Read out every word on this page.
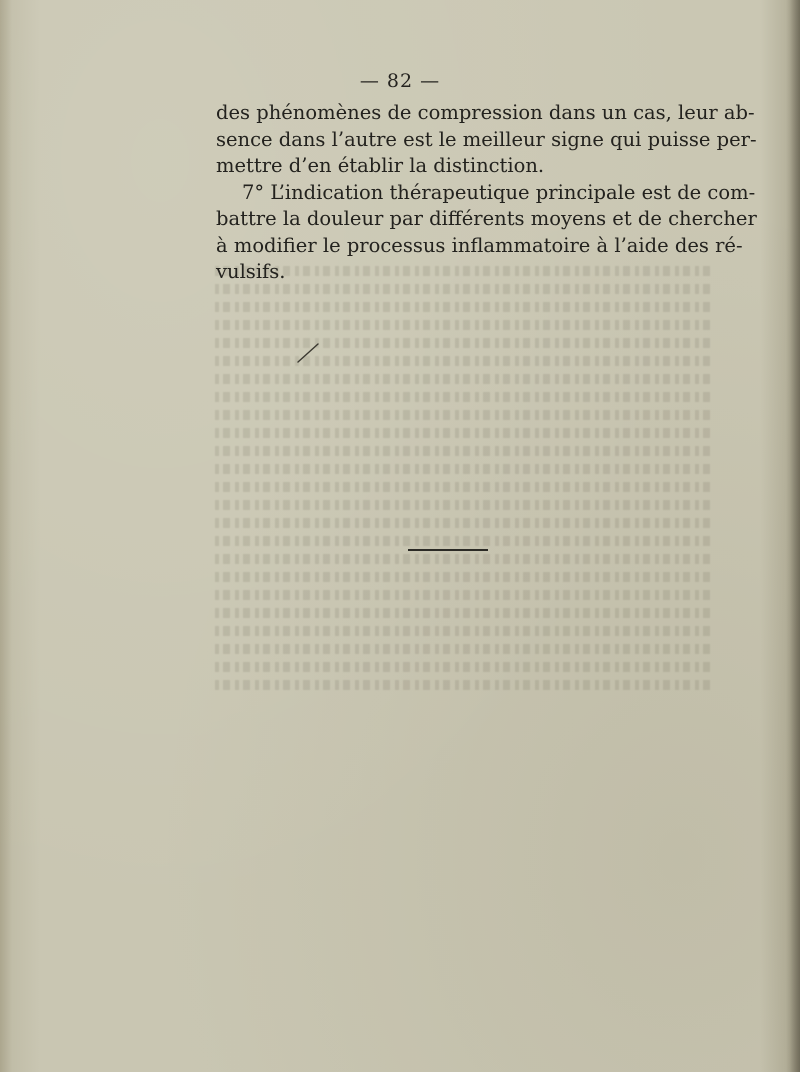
— 82 —
des phénomènes de compression dans un cas, leur ab-
sence dans l’autre est le meilleur signe qui puisse per-
mettre d’en établir la distinction.
7° L’indication thérapeutique principale est de com-
battre la douleur par différents moyens et de chercher
à modifier le processus inflammatoire à l’aide des ré-
vulsifs.
